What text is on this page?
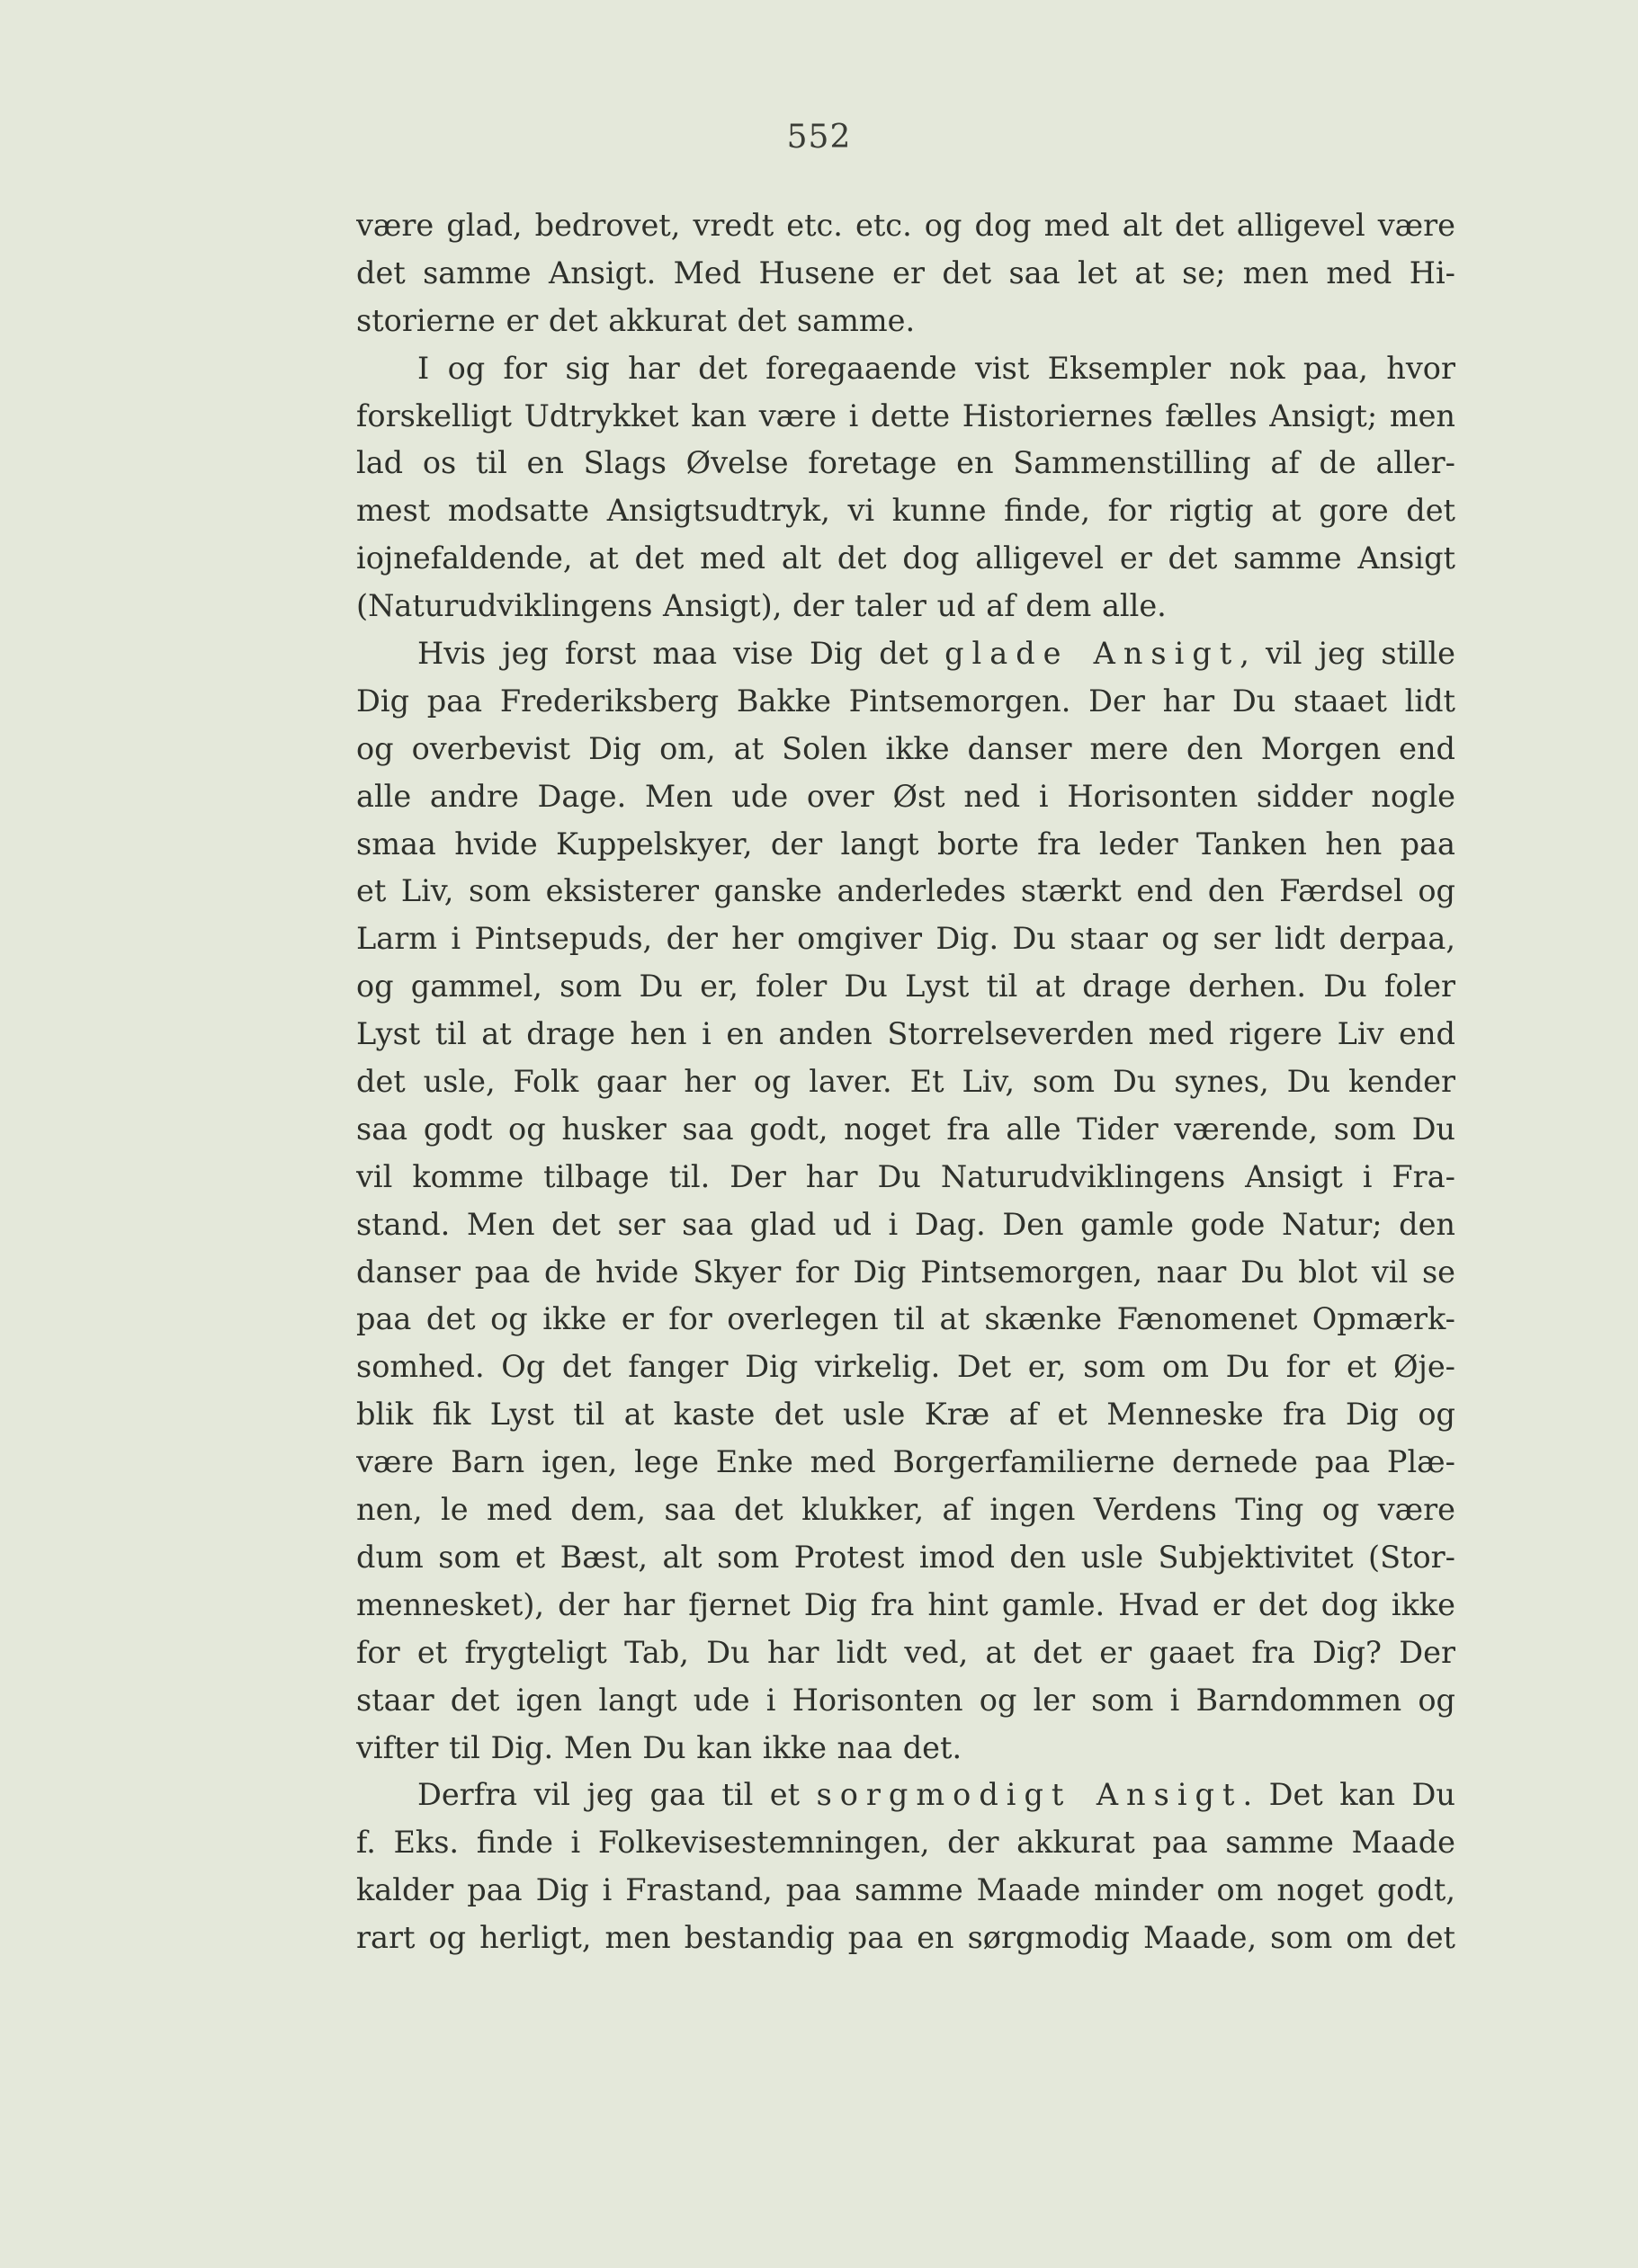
552
være glad, bedrovet, vredt etc. etc. og dog med alt det alligevel være
det samme Ansigt. Med Husene er det saa let at se; men med Hi-
storierne er det akkurat det samme.
I og for sig har det foregaaende vist Eksempler nok paa, hvor
forskelligt Udtrykket kan være i dette Historiernes fælles Ansigt; men
lad os til en Slags Øvelse foretage en Sammenstilling af de aller-
mest modsatte Ansigtsudtryk, vi kunne finde, for rigtig at gore det
iojnefaldende, at det med alt det dog alligevel er det samme Ansigt
(Naturudviklingens Ansigt), der taler ud af dem alle.
Hvis jeg forst maa vise Dig det glade Ansigt, vil jeg stille
Dig paa Frederiksberg Bakke Pintsemorgen. Der har Du staaet lidt
og overbevist Dig om, at Solen ikke danser mere den Morgen end
alle andre Dage. Men ude over Øst ned i Horisonten sidder nogle
smaa hvide Kuppelskyer, der langt borte fra leder Tanken hen paa
et Liv, som eksisterer ganske anderledes stærkt end den Færdsel og
Larm i Pintsepuds, der her omgiver Dig. Du staar og ser lidt derpaa,
og gammel, som Du er, foler Du Lyst til at drage derhen. Du foler
Lyst til at drage hen i en anden Storrelseverden med rigere Liv end
det usle, Folk gaar her og laver. Et Liv, som Du synes, Du kender
saa godt og husker saa godt, noget fra alle Tider værende, som Du
vil komme tilbage til. Der har Du Naturudviklingens Ansigt i Fra-
stand. Men det ser saa glad ud i Dag. Den gamle gode Natur; den
danser paa de hvide Skyer for Dig Pintsemorgen, naar Du blot vil se
paa det og ikke er for overlegen til at skænke Fænomenet Opmærk-
somhed. Og det fanger Dig virkelig. Det er, som om Du for et Øje-
blik fik Lyst til at kaste det usle Kræ af et Menneske fra Dig og
være Barn igen, lege Enke med Borgerfamilierne dernede paa Plæ-
nen, le med dem, saa det klukker, af ingen Verdens Ting og være
dum som et Bæst, alt som Protest imod den usle Subjektivitet (Stor-
mennesket), der har fjernet Dig fra hint gamle. Hvad er det dog ikke
for et frygteligt Tab, Du har lidt ved, at det er gaaet fra Dig? Der
staar det igen langt ude i Horisonten og ler som i Barndommen og
vifter til Dig. Men Du kan ikke naa det.
Derfra vil jeg gaa til et sorgmodigt Ansigt. Det kan Du
f. Eks. finde i Folkevisestemningen, der akkurat paa samme Maade
kalder paa Dig i Frastand, paa samme Maade minder om noget godt,
rart og herligt, men bestandig paa en sørgmodig Maade, som om det
